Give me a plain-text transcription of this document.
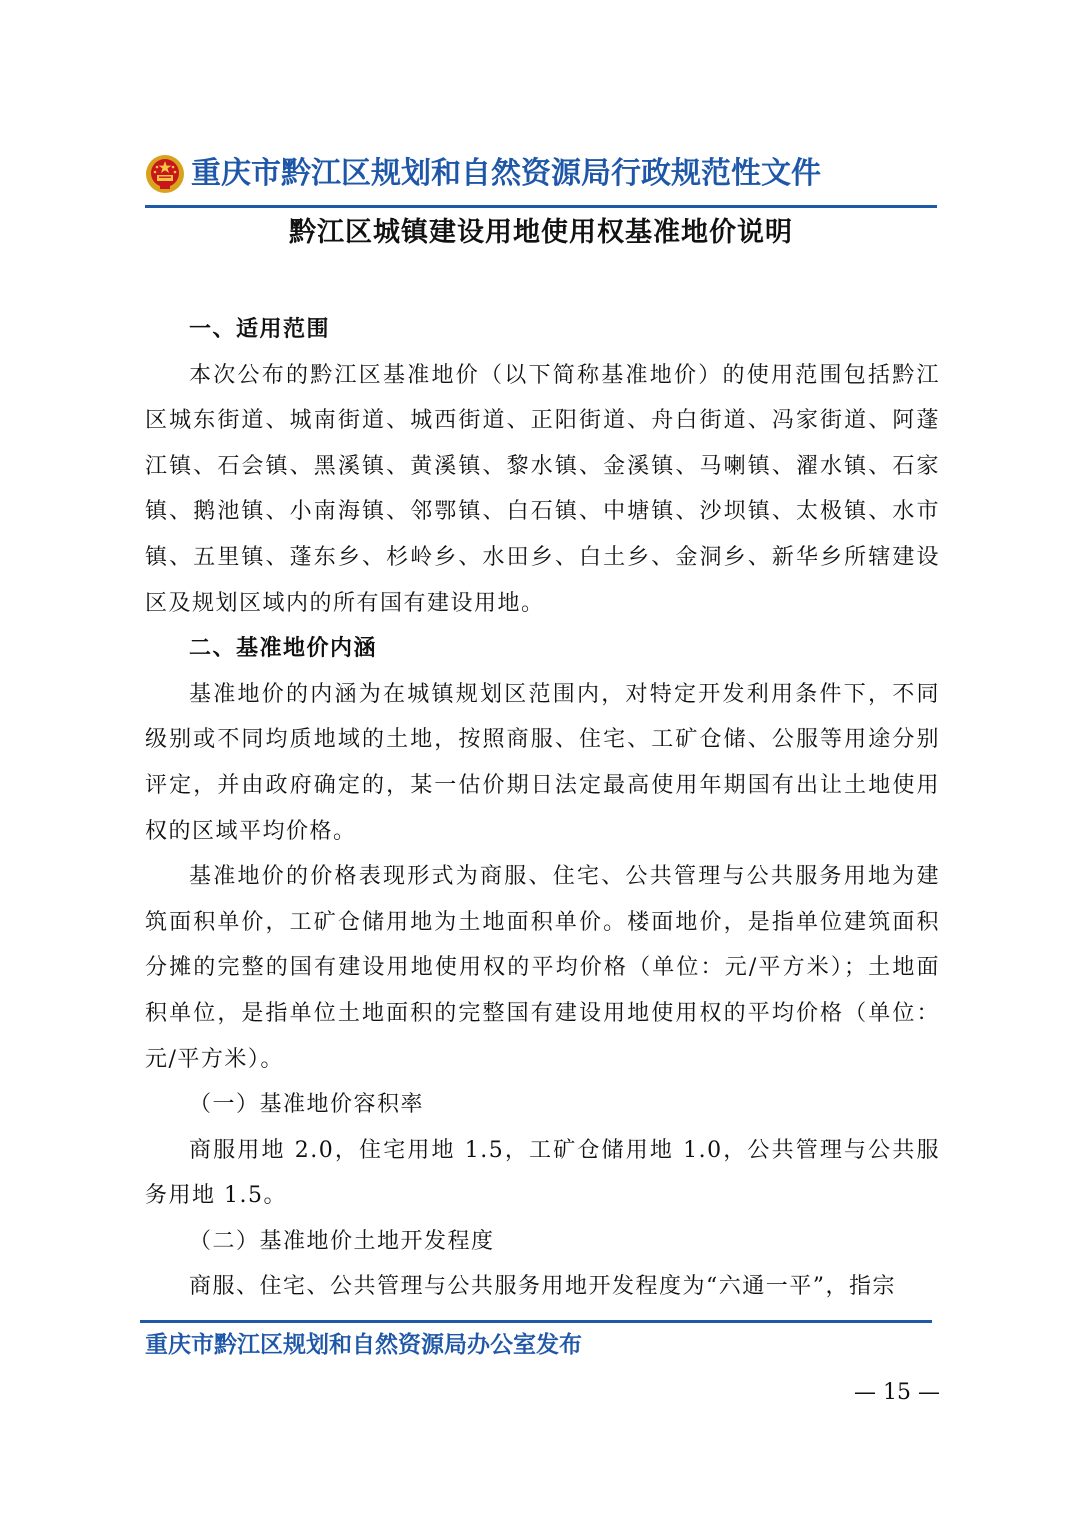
重庆市黔江区规划和自然资源局行政规范性文件
黔江区城镇建设用地使用权基准地价说明

一、适用范围

本次公布的黔江区基准地价（以下简称基准地价）的使用范围包括黔江区城东街道、城南街道、城西街道、正阳街道、舟白街道、冯家街道、阿蓬江镇、石会镇、黑溪镇、黄溪镇、黎水镇、金溪镇、马喇镇、濯水镇、石家镇、鹅池镇、小南海镇、邻鄂镇、白石镇、中塘镇、沙坝镇、太极镇、水市镇、五里镇、蓬东乡、杉岭乡、水田乡、白土乡、金洞乡、新华乡所辖建设区及规划区域内的所有国有建设用地。

二、基准地价内涵

基准地价的内涵为在城镇规划区范围内，对特定开发利用条件下，不同级别或不同均质地域的土地，按照商服、住宅、工矿仓储、公服等用途分别评定，并由政府确定的，某一估价期日法定最高使用年期国有出让土地使用权的区域平均价格。

基准地价的价格表现形式为商服、住宅、公共管理与公共服务用地为建筑面积单价，工矿仓储用地为土地面积单价。楼面地价，是指单位建筑面积分摊的完整的国有建设用地使用权的平均价格（单位：元/平方米）；土地面积单位，是指单位土地面积的完整国有建设用地使用权的平均价格（单位：元/平方米）。

（一）基准地价容积率

商服用地 2.0，住宅用地 1.5，工矿仓储用地 1.0，公共管理与公共服务用地 1.5。

（二）基准地价土地开发程度

商服、住宅、公共管理与公共服务用地开发程度为“六通一平”，指宗

重庆市黔江区规划和自然资源局办公室发布
— 15 —
